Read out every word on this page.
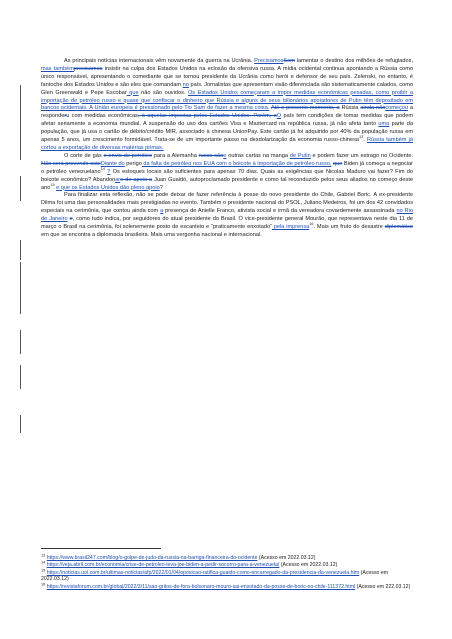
As principais notícias internacionais vêm novamente da guerra na Ucrânia. PrecisamosSem lamentar o destino dos milhões de refugiados, mas tambémprecisamos insistir na culpa dos Estados Unidos na eclosão da ofensiva russa. A mídia ocidental continua apontando a Rússia como único responsável, apresentando o comediante que se tornou presidente da Ucrânia como herói e defensor de seu país. Zelenski, no entanto, é fantoche dos Estados Unidos e são eles que comandam no país. Jornalistas que apresentam visão diferenciada são sistematicamente calados, como Glen Greenwald e Pepe Escobar que não são ouvidos. Os Estados Unidos começaram a impor medidas econômicas pesadas, como proibir a importação de petróleo russo e quase que confiscar o dinheiro que Rússia e alguns de seus bilionários apoiadores de Putin têm depositado em bancos ocidentais. A União europeia é pressionado pelo Tio Sam de fazer a mesma coisa. Até o presente momento, a Rússia ainda nãocomeçou a responderu com medidas econômicas, à aquelas impostas pelos Estados Unidos. Porém, oO país tem condições de tomar medidas que podem afetar seriamente a economia mundial. A suspensão do uso dos cartões Visa e Mastercard na república russa, já não afeta tanto uma parte da população, que já usa o cartão de débito/crédito MIR, associado à chinesa UnionPay. Este cartão já foi adquirido por 40% da população russa em apenas 5 anos, um crescimento formidável. Trata-se de um importante passo na desdolarização da economia russo-chinesa$^{13}$. Rússia também já cortou a exportação de diversas matérias primas.

O corte de gás e envio de petróleo para a Alemanha russo sãoe outras cartas na manga de Putin e podem fazer um estrago no Ocidente. Não será prevendo esteDiante do perigo da falta de petróleo nos EUA com o boicote à importação de petróleo russo, que Biden já começa a negociar o petróleo venezuelano$^{14}$ ? Os estoques locais são suficientes para apenas 70 dias. Quais as exigências que Nicolas Maduro vai fazer? Fim do boicote econômico? Abandonaro de apoio a Juan Guaidó, autoproclamado presidente e como tal reconduzido pelos seus aliados no começo deste ano$^{15}$ e que os Estados Unidos dão pleno apoio?

Para finalizar esta reflexão, não se pode deixar de fazer referência à posse do novo presidente do Chile, Gabriel Boric. A ex-presidente Dilma foi uma das personalidades mais prestigiadas no evento. Também o presidente nacional do PSOL, Juliano Medeiros, foi um dos 42 convidados especiais na cerimônia, que contou ainda com a presença de Anielle Franco, ativista social e irmã da vereadora covardemente assassinada no Rio de Janeiro e, como tudo indica, por seguidores do atual presidente do Brasil. O vice-presidente general Mourão, que representava neste dia 11 de março o Brasil na cerimônia, foi solenemente posto de escanteio e “praticamente enxotado” pela imprensa$^{16}$. Mais um fruto do desastre diplomático em que se encontra a diplomacia brasileira. Mais uma vergonha nacional e internacional.

$^{13}$ https://www.brasil247.com/blog/o-golpe-de-judo-da-russia-na-barriga-financeira-do-ocidente (Acesso em 2022.03.12)
$^{14}$ https://veja.abril.com.br/economia/crise-de-petroleo-leva-joe-biden-a-pedir-socorro-para-a-venezuela/ (Acesso em 2022.03.12)
$^{15}$ https://noticias.uol.com.br/ultimas-noticias/afp/2022/01/04/oposicao-ratifica-guaido-como-encarregado-da-presidencia-da-venezuela.htm (Acesso em 2022.03.12)
$^{16}$ https://revistaforum.com.br/global/2022/3/11/sao-gritos-de-fora-bolsonaro-mouro-sai-enxotado-da-posse-de-boric-no-chile-111372.html (Acesso em 222.03.12)
